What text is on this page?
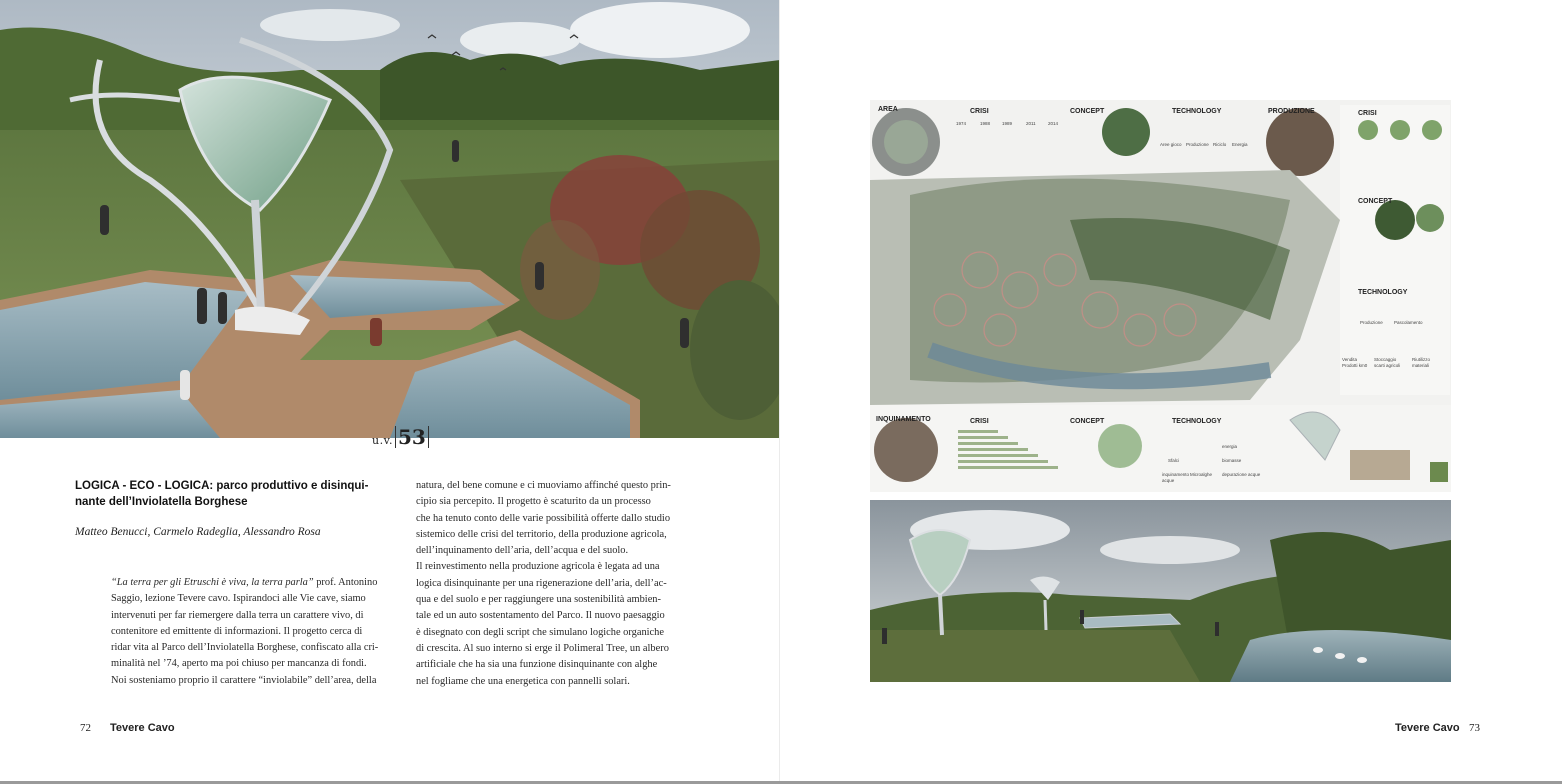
u.v. 53
LOGICA - ECO - LOGICA: parco produttivo e disinqui-
nante dell’Inviolatella Borghese
Matteo Benucci, Carmelo Radeglia, Alessandro Rosa

“La terra per gli Etruschi è viva, la terra parla” prof. Antonino

Saggio, lezione Tevere cavo. Ispirandoci alle Vie cave, siamo

intervenuti per far riemergere dalla terra un carattere vivo, di

contenitore ed emittente di informazioni. Il progetto cerca di

ridar vita al Parco dell’Inviolatella Borghese, confiscato alla cri-

minalità nel ’74, aperto ma poi chiuso per mancanza di fondi.

Noi sosteniamo proprio il carattere “inviolabile” dell’area, della

natura, del bene comune e ci muoviamo affinché questo prin-

cipio sia percepito. Il progetto è scaturito da un processo

che ha tenuto conto delle varie possibilità offerte dallo studio

sistemico delle crisi del territorio, della produzione agricola,

dell’inquinamento dell’aria, dell’acqua e del suolo.

Il reinvestimento nella produzione agricola è legata ad una

logica disinquinante per una rigenerazione dell’aria, dell’ac-

qua e del suolo e per raggiungere una sostenibilità ambien-

tale ed un auto sostentamento del Parco. Il nuovo paesaggio

è disegnato con degli script che simulano logiche organiche

di crescita. Al suo interno si erge il Polimeral Tree, un albero

artificiale che ha sia una funzione disinquinante con alghe

nel fogliame che una energetica con pannelli solari.

72 Tevere Cavo	Tevere Cavo 73
AREA	CRISI	CONCEPT	TECHNOLOGY	PRODUZIONE
1974	1988	1989	2011	2014
Aree gioco Produzione Riciclo Energia
CRISI
CONCEPT
TECHNOLOGY
Produzione Pascolamento
Vendita Prodotti km0
Stoccaggio scarti agricoli
Riutilizzo materiali
INQUINAMENTO	CRISI	CONCEPT	TECHNOLOGY
energia
biomasse
depurazione acque
inquinamento acque
Sfalci
Microalghe
